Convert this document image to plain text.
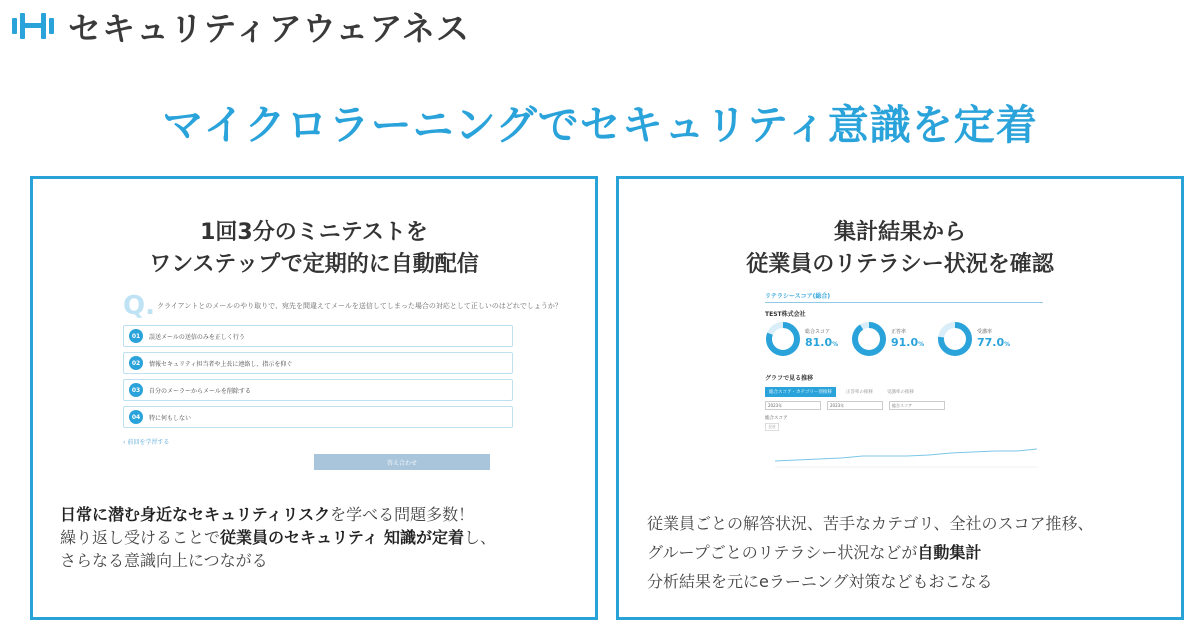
セキュリティアウェアネス
マイクロラーニングでセキュリティ意識を定着
1回3分のミニテストを
ワンステップで定期的に自動配信
Q. クライアントとのメールのやり取りで、宛先を間違えてメールを送信してしまった場合の対応として正しいのはどれでしょうか？
01	誤送メールの送信のみを正しく行う
02	情報セキュリティ担当者や上長に連絡し、指示を仰ぐ
03	自分のメーラーからメールを削除する
04	特に何もしない
‹ 前回を学習する
答え合わせ
日常に潜む身近なセキュリティリスクを学べる問題多数！
繰り返し受けることで従業員のセキュリティ 知識が定着し、
さらなる意識向上につながる
集計結果から
従業員のリテラシー状況を確認
リテラシースコア(総合)
TEST株式会社
総合スコア
81.0%
正答率
91.0%
受講率
77.0%
グラフで見る推移
総合スコア・カテゴリー別推移	正答率の推移	受講率の推移
2023年	2023年	総合スコア
総合スコア
全社
従業員ごとの解答状況、苦手なカテゴリ、全社のスコア推移、
グループごとのリテラシー状況などが自動集計
分析結果を元にeラーニング対策などもおこなる
